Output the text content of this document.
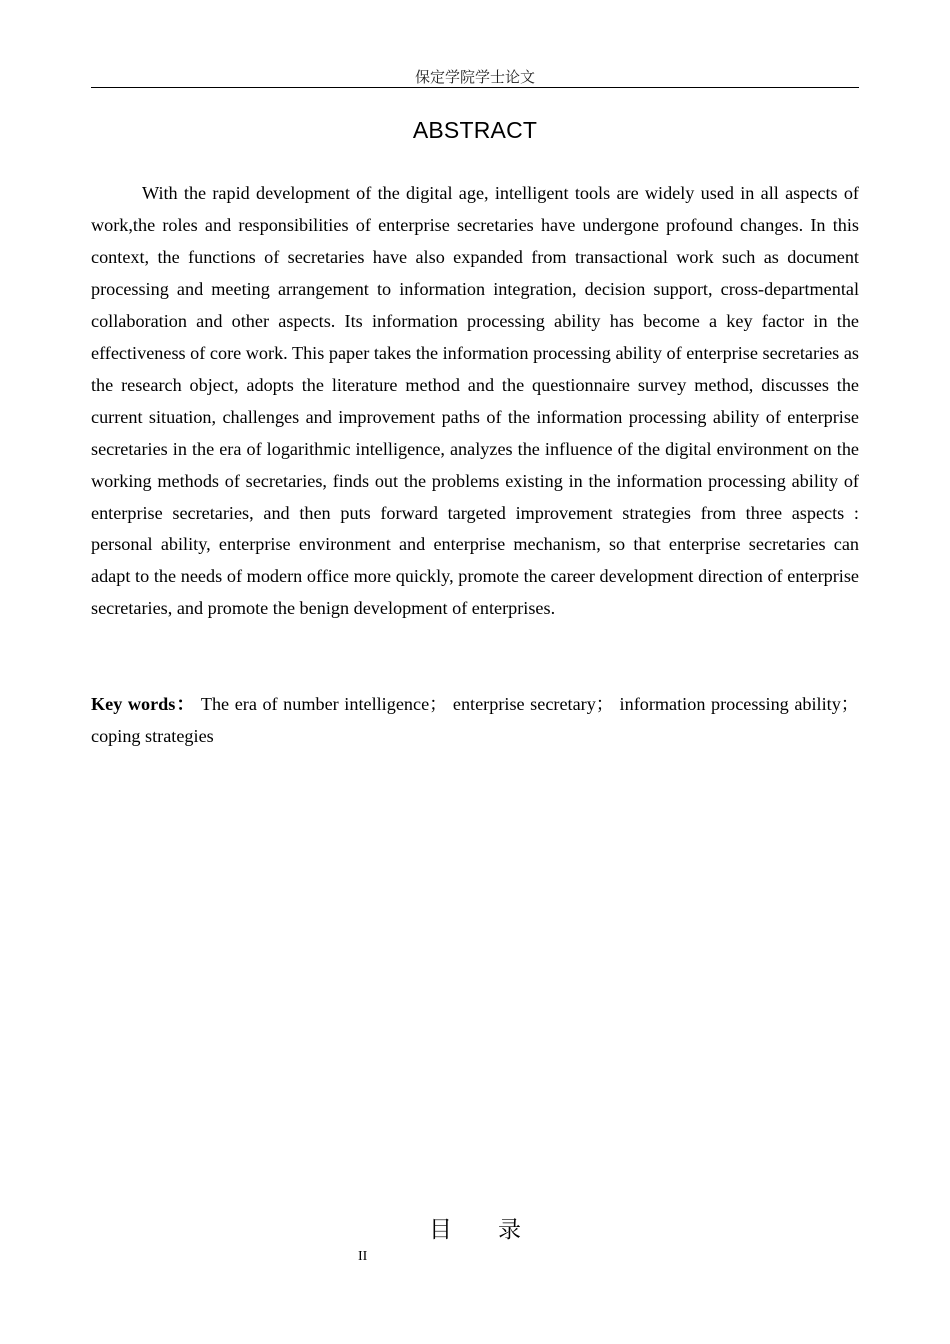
保定学院学士论文
ABSTRACT

With the rapid development of the digital age, intelligent tools are widely used in all aspects of work,the roles and responsibilities of enterprise secretaries have undergone profound changes. In this context, the functions of secretaries have also expanded from transactional work such as document processing and meeting arrangement to information integration, decision support, cross-departmental collaboration and other aspects. Its information processing ability has become a key factor in the effectiveness of core work. This paper takes the information processing ability of enterprise secretaries as the research object, adopts the literature method and the questionnaire survey method, discusses the current situation, challenges and improvement paths of the information processing ability of enterprise secretaries in the era of logarithmic intelligence, analyzes the influence of the digital environment on the working methods of secretaries, finds out the problems existing in the information processing ability of enterprise secretaries, and then puts forward targeted improvement strategies from three aspects : personal ability, enterprise environment and enterprise mechanism, so that enterprise secretaries can adapt to the needs of modern office more quickly, promote the career development direction of enterprise secretaries, and promote the benign development of enterprises.

Key words： The era of number intelligence； enterprise secretary； information processing ability；coping strategies

目录
II
